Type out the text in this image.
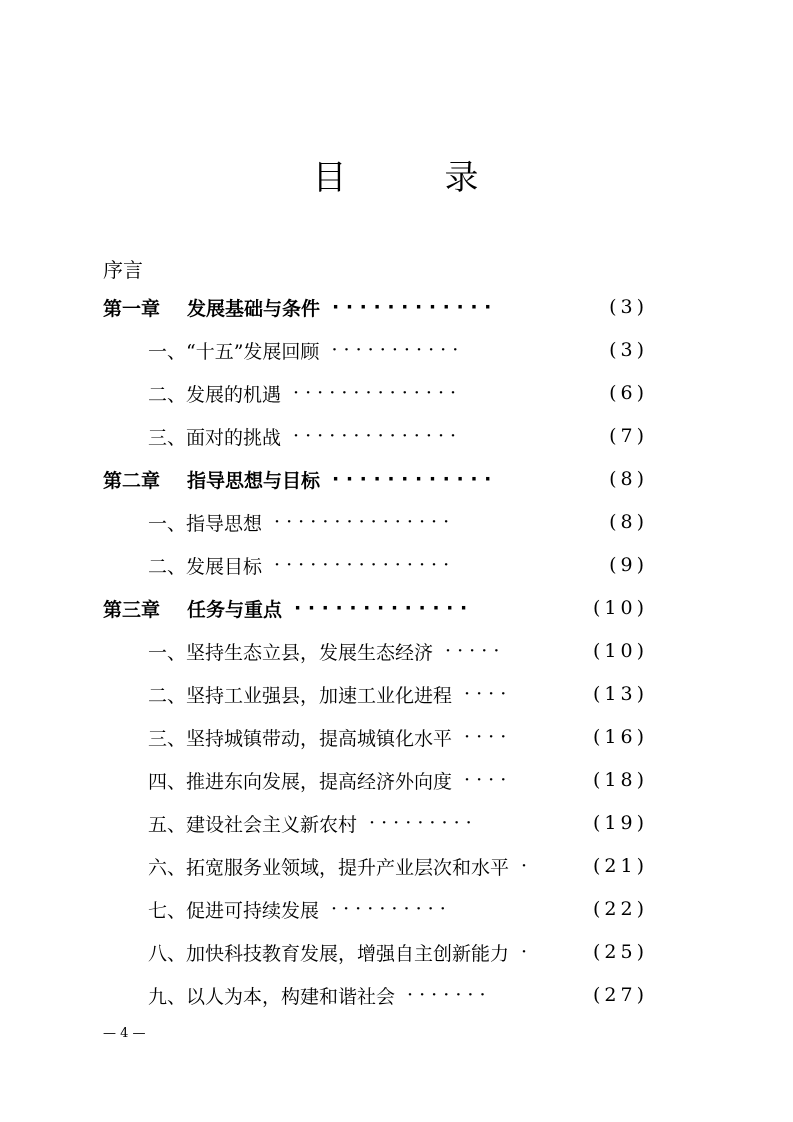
目	录
序言
第一章	发展基础与条件 · · · · · · · · · · · ·	(3)
一、“十五”发展回顾 · · · · · · · · · · ·	(3)
二、发展的机遇 · · · · · · · · · · · · · ·	(6)
三、面对的挑战 · · · · · · · · · · · · · ·	(7)
第二章	指导思想与目标 · · · · · · · · · · · ·	(8)
一、指导思想 · · · · · · · · · · · · · · ·	(8)
二、发展目标 · · · · · · · · · · · · · · ·	(9)
第三章	任务与重点 · · · · · · · · · · · · ·	(10)
一、坚持生态立县，发展生态经济 · · · · ·	(10)
二、坚持工业强县，加速工业化进程 · · · ·	(13)
三、坚持城镇带动，提高城镇化水平 · · · ·	(16)
四、推进东向发展，提高经济外向度 · · · ·	(18)
五、建设社会主义新农村 · · · · · · · · ·	(19)
六、拓宽服务业领域，提升产业层次和水平 ·	(21)
七、促进可持续发展 · · · · · · · · · ·	(22)
八、加快科技教育发展，增强自主创新能力 ·	(25)
九、以人为本，构建和谐社会 · · · · · · ·	(27)
— 4 —
